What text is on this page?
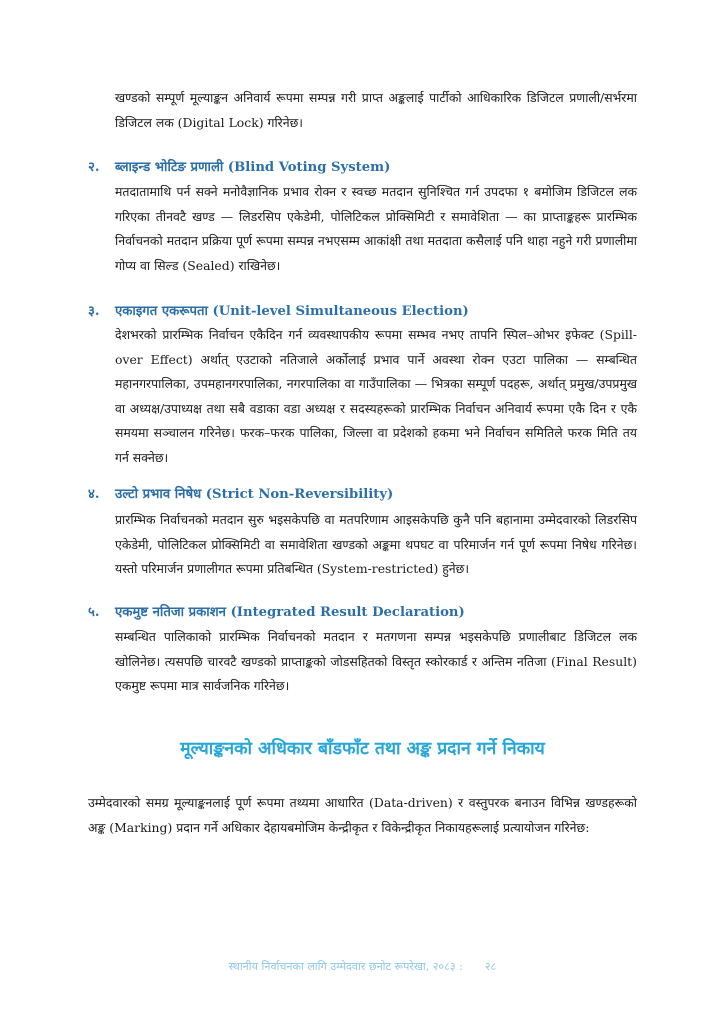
खण्डको सम्पूर्ण मूल्याङ्कन अनिवार्य रूपमा सम्पन्न गरी प्राप्त अङ्कलाई पार्टीको आधिकारिक डिजिटल प्रणाली/सर्भरमा डिजिटल लक (Digital Lock) गरिनेछ।

२. ब्लाइन्ड भोटिङ प्रणाली (Blind Voting System)

मतदातामाथि पर्न सक्ने मनोवैज्ञानिक प्रभाव रोक्न र स्वच्छ मतदान सुनिश्चित गर्न उपदफा १ बमोजिम डिजिटल लक गरिएका तीनवटै खण्ड — लिडरसिप एकेडेमी, पोलिटिकल प्रोक्सिमिटी र समावेशिता — का प्राप्ताङ्कहरू प्रारम्भिक निर्वाचनको मतदान प्रक्रिया पूर्ण रूपमा सम्पन्न नभएसम्म आकांक्षी तथा मतदाता कसैलाई पनि थाहा नहुने गरी प्रणालीमा गोप्य वा सिल्ड (Sealed) राखिनेछ।

३. एकाइगत एकरूपता (Unit-level Simultaneous Election)

देशभरको प्रारम्भिक निर्वाचन एकैदिन गर्न व्यवस्थापकीय रूपमा सम्भव नभए तापनि स्पिल–ओभर इफेक्ट (Spill-over Effect) अर्थात् एउटाको नतिजाले अर्कोलाई प्रभाव पार्ने अवस्था रोक्न एउटा पालिका — सम्बन्धित महानगरपालिका, उपमहानगरपालिका, नगरपालिका वा गाउँपालिका — भित्रका सम्पूर्ण पदहरू, अर्थात् प्रमुख/उपप्रमुख वा अध्यक्ष/उपाध्यक्ष तथा सबै वडाका वडा अध्यक्ष र सदस्यहरूको प्रारम्भिक निर्वाचन अनिवार्य रूपमा एकै दिन र एकै समयमा सञ्चालन गरिनेछ। फरक–फरक पालिका, जिल्ला वा प्रदेशको हकमा भने निर्वाचन समितिले फरक मिति तय गर्न सक्नेछ।

४. उल्टो प्रभाव निषेध (Strict Non-Reversibility)

प्रारम्भिक निर्वाचनको मतदान सुरु भइसकेपछि वा मतपरिणाम आइसकेपछि कुनै पनि बहानामा उम्मेदवारको लिडरसिप एकेडेमी, पोलिटिकल प्रोक्सिमिटी वा समावेशिता खण्डको अङ्कमा थपघट वा परिमार्जन गर्न पूर्ण रूपमा निषेध गरिनेछ। यस्तो परिमार्जन प्रणालीगत रूपमा प्रतिबन्धित (System-restricted) हुनेछ।

५. एकमुष्ट नतिजा प्रकाशन (Integrated Result Declaration)

सम्बन्धित पालिकाको प्रारम्भिक निर्वाचनको मतदान र मतगणना सम्पन्न भइसकेपछि प्रणालीबाट डिजिटल लक खोलिनेछ। त्यसपछि चारवटै खण्डको प्राप्ताङ्कको जोडसहितको विस्तृत स्कोरकार्ड र अन्तिम नतिजा (Final Result) एकमुष्ट रूपमा मात्र सार्वजनिक गरिनेछ।

मूल्याङ्कनको अधिकार बाँडफाँट तथा अङ्क प्रदान गर्ने निकाय

उम्मेदवारको समग्र मूल्याङ्कनलाई पूर्ण रूपमा तथ्यमा आधारित (Data-driven) र वस्तुपरक बनाउन विभिन्न खण्डहरूको अङ्क (Marking) प्रदान गर्ने अधिकार देहायबमोजिम केन्द्रीकृत र विकेन्द्रीकृत निकायहरूलाई प्रत्यायोजन गरिनेछ:

स्थानीय निर्वाचनका लागि उम्मेदवार छनोट रूपरेखा, २०८३ : २८
